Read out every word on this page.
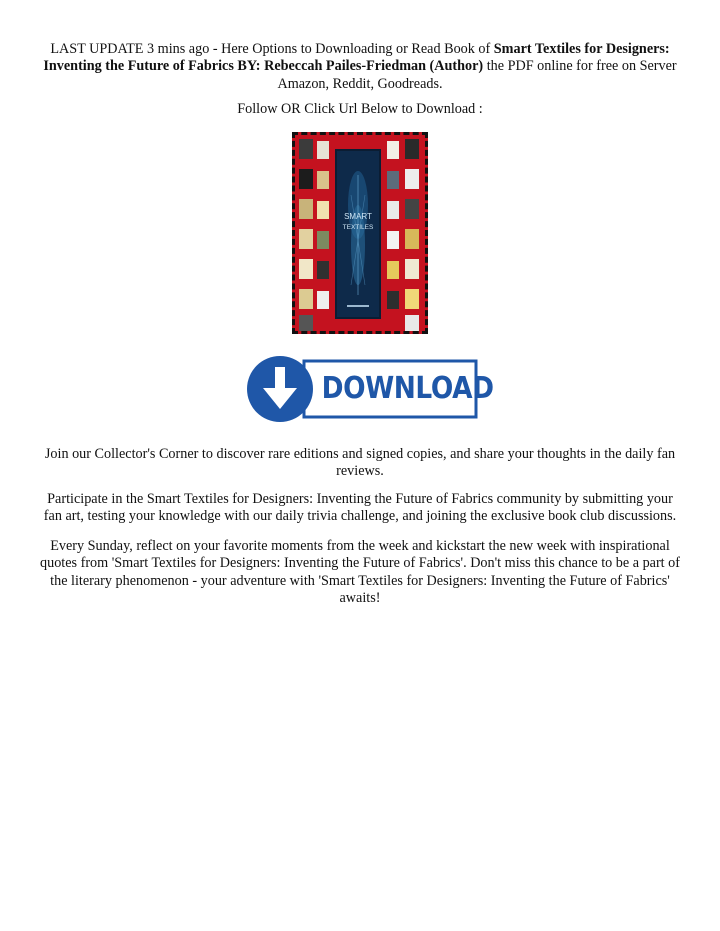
LAST UPDATE 3 mins ago - Here Options to Downloading or Read Book of Smart Textiles for Designers: Inventing the Future of Fabrics BY: Rebeccah Pailes-Friedman (Author) the PDF online for free on Server Amazon, Reddit, Goodreads.

Follow OR Click Url Below to Download :

SMART
TEXTILES
DOWNLOAD

Join our Collector's Corner to discover rare editions and signed copies, and share your thoughts in the daily fan reviews.

Participate in the Smart Textiles for Designers: Inventing the Future of Fabrics community by submitting your fan art, testing your knowledge with our daily trivia challenge, and joining the exclusive book club discussions.

Every Sunday, reflect on your favorite moments from the week and kickstart the new week with inspirational quotes from 'Smart Textiles for Designers: Inventing the Future of Fabrics'. Don't miss this chance to be a part of the literary phenomenon - your adventure with 'Smart Textiles for Designers: Inventing the Future of Fabrics' awaits!
